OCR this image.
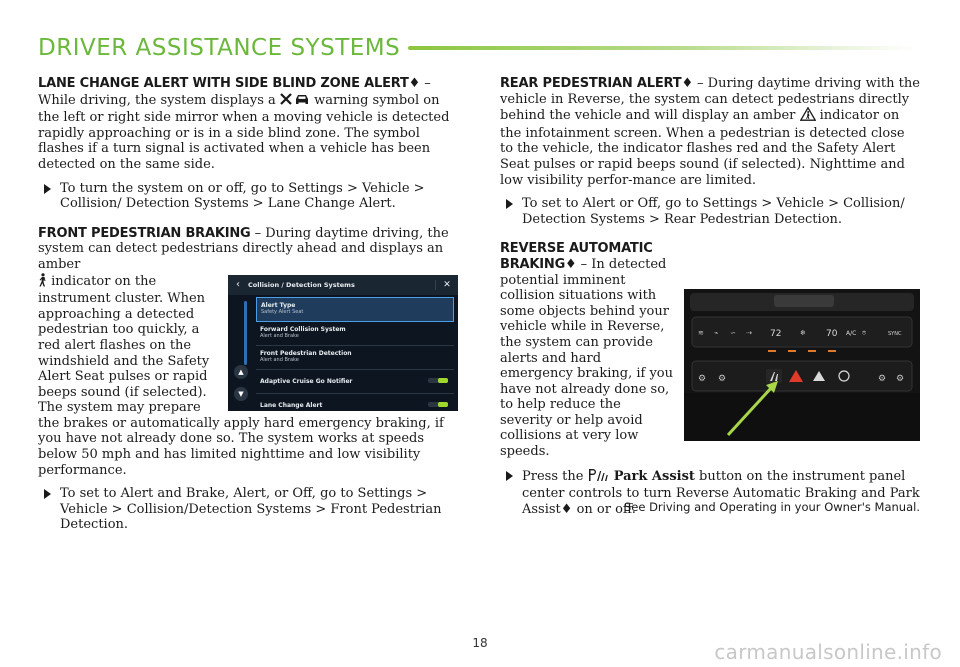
DRIVER ASSISTANCE SYSTEMS

LANE CHANGE ALERT WITH SIDE BLIND ZONE ALERT♦ – While driving, the system displays a  warning symbol on the left or right side mirror when a moving vehicle is detected rapidly approaching or is in a side blind zone. The symbol flashes if a turn signal is activated when a vehicle has been detected on the same side.

To turn the system on or off, go to Settings > Vehicle > Collision/ Detection Systems > Lane Change Alert.

FRONT PEDESTRIAN BRAKING – During daytime driving, the system can detect pedestrians directly ahead and displays an amber

‹	Collision / Detection Systems	✕
▲
▼
Alert Type
Safety Alert Seat
Forward Collision System
Alert and Brake
Front Pedestrian Detection
Alert and Brake
Adaptive Cruise Go Notifier
Lane Change Alert

indicator on the instrument cluster. When approaching a detected pedestrian too quickly, a red alert flashes on the windshield and the Safety Alert Seat pulses or rapid beeps sound (if selected). The system may prepare the brakes or automatically apply hard emergency braking, if you have not already done so. The system works at speeds below 50 mph and has limited nighttime and low visibility performance.

To set to Alert and Brake, Alert, or Off, go to Settings > Vehicle > Collision/Detection Systems > Front Pedestrian Detection.

REAR PEDESTRIAN ALERT♦ – During daytime driving with the vehicle in Reverse, the system can detect pedestrians directly behind the vehicle and will display an amber  indicator on the infotainment screen. When a pedestrian is detected close to the vehicle, the indicator flashes red and the Safety Alert Seat pulses or rapid beeps sound (if selected). Nighttime and low visibility perfor-mance are limited.

To set to Alert or Off, go to Settings > Vehicle > Collision/ Detection Systems > Rear Pedestrian Detection.
≋ ⌁ ∽ ⇢	❄	⌾
72	70 A/C	SYNC
⚙ ⚙	⚙ ⚙

REVERSE AUTOMATIC BRAKING♦ – In detected potential imminent collision situations with some objects behind your vehicle while in Reverse, the system can provide alerts and hard emergency braking, if you have not already done so, to help reduce the severity or help avoid collisions at very low speeds.

Press the  Park Assist button on the instrument panel center controls to turn Reverse Automatic Braking and Park Assist♦ on or off.
See Driving and Operating in your Owner's Manual.
18	carmanualsonline.info
